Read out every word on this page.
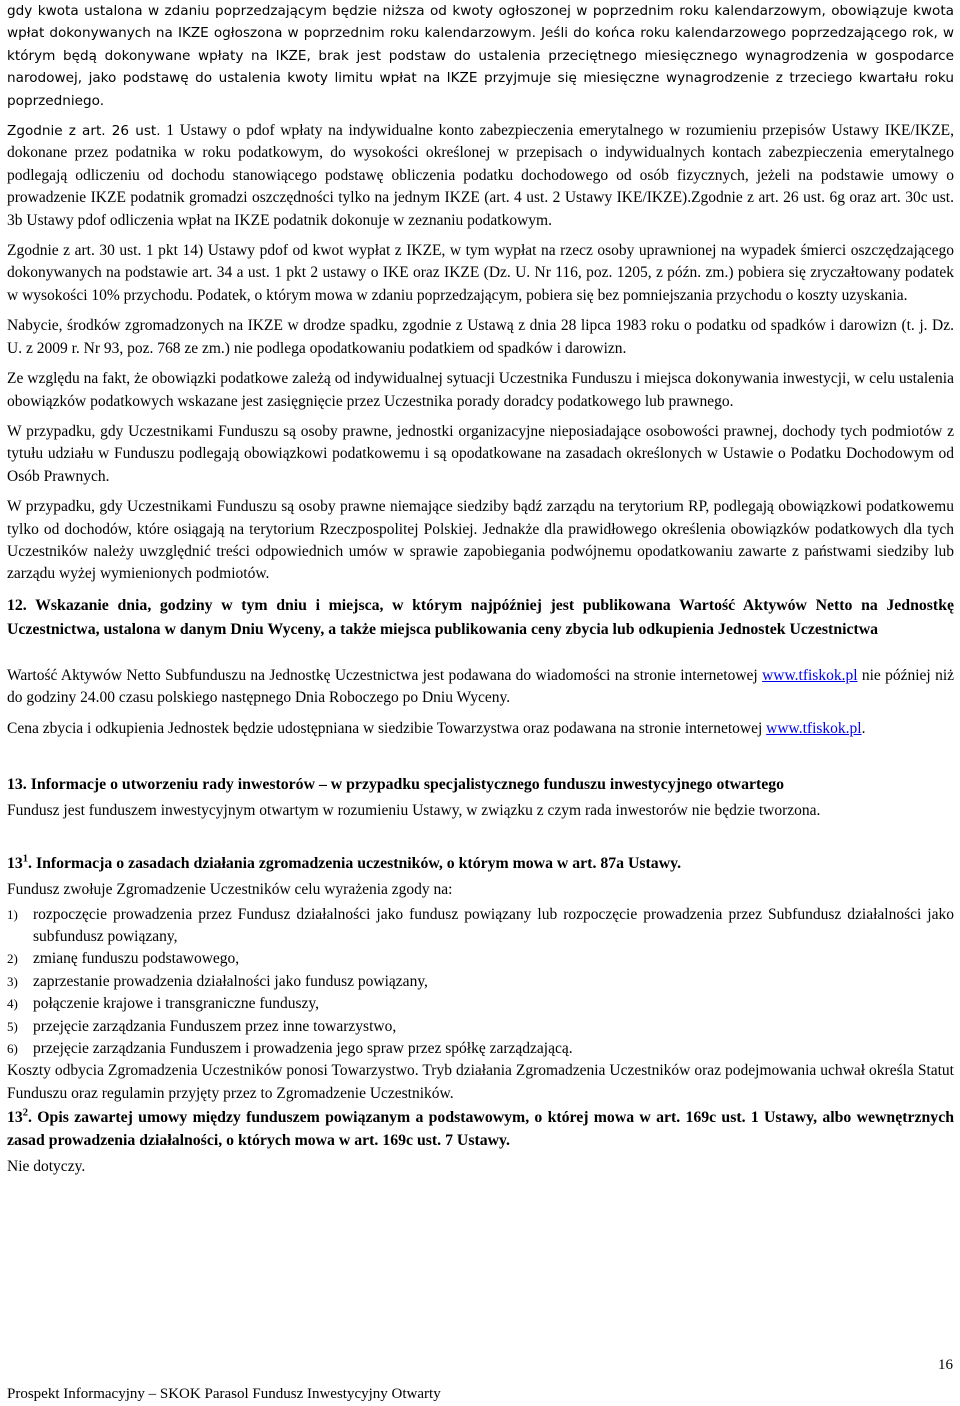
gdy kwota ustalona w zdaniu poprzedzającym będzie niższa od kwoty ogłoszonej w poprzednim roku kalendarzowym, obowiązuje kwota wpłat dokonywanych na IKZE ogłoszona w poprzednim roku kalendarzowym. Jeśli do końca roku kalendarzowego poprzedzającego rok, w którym będą dokonywane wpłaty na IKZE, brak jest podstaw do ustalenia przeciętnego miesięcznego wynagrodzenia w gospodarce narodowej, jako podstawę do ustalenia kwoty limitu wpłat na IKZE przyjmuje się miesięczne wynagrodzenie z trzeciego kwartału roku poprzedniego.

Zgodnie z art. 26 ust. 1 Ustawy o pdof wpłaty na indywidualne konto zabezpieczenia emerytalnego w rozumieniu przepisów Ustawy IKE/IKZE, dokonane przez podatnika w roku podatkowym, do wysokości określonej w przepisach o indywidualnych kontach zabezpieczenia emerytalnego podlegają odliczeniu od dochodu stanowiącego podstawę obliczenia podatku dochodowego od osób fizycznych, jeżeli na podstawie umowy o prowadzenie IKZE podatnik gromadzi oszczędności tylko na jednym IKZE (art. 4 ust. 2 Ustawy IKE/IKZE).Zgodnie z art. 26 ust. 6g oraz art. 30c ust. 3b Ustawy pdof odliczenia wpłat na IKZE podatnik dokonuje w zeznaniu podatkowym.

Zgodnie z art. 30 ust. 1 pkt 14) Ustawy pdof od kwot wypłat z IKZE, w tym wypłat na rzecz osoby uprawnionej na wypadek śmierci oszczędzającego dokonywanych na podstawie art. 34 a ust. 1 pkt 2 ustawy o IKE oraz IKZE (Dz. U. Nr 116, poz. 1205, z późn. zm.) pobiera się zryczałtowany podatek w wysokości 10% przychodu. Podatek, o którym mowa w zdaniu poprzedzającym, pobiera się bez pomniejszania przychodu o koszty uzyskania.

Nabycie, środków zgromadzonych na IKZE w drodze spadku, zgodnie z Ustawą z dnia 28 lipca 1983 roku o podatku od spadków i darowizn (t. j. Dz. U. z 2009 r. Nr 93, poz. 768 ze zm.) nie podlega opodatkowaniu podatkiem od spadków i darowizn.

Ze względu na fakt, że obowiązki podatkowe zależą od indywidualnej sytuacji Uczestnika Funduszu i miejsca dokonywania inwestycji, w celu ustalenia obowiązków podatkowych wskazane jest zasięgnięcie przez Uczestnika porady doradcy podatkowego lub prawnego.

W przypadku, gdy Uczestnikami Funduszu są osoby prawne, jednostki organizacyjne nieposiadające osobowości prawnej, dochody tych podmiotów z tytułu udziału w Funduszu podlegają obowiązkowi podatkowemu i są opodatkowane na zasadach określonych w Ustawie o Podatku Dochodowym od Osób Prawnych.

W przypadku, gdy Uczestnikami Funduszu są osoby prawne niemające siedziby bądź zarządu na terytorium RP, podlegają obowiązkowi podatkowemu tylko od dochodów, które osiągają na terytorium Rzeczpospolitej Polskiej. Jednakże dla prawidłowego określenia obowiązków podatkowych dla tych Uczestników należy uwzględnić treści odpowiednich umów w sprawie zapobiegania podwójnemu opodatkowaniu zawarte z państwami siedziby lub zarządu wyżej wymienionych podmiotów.

12. Wskazanie dnia, godziny w tym dniu i miejsca, w którym najpóźniej jest publikowana Wartość Aktywów Netto na Jednostkę Uczestnictwa, ustalona w danym Dniu Wyceny, a także miejsca publikowania ceny zbycia lub odkupienia Jednostek Uczestnictwa

Wartość Aktywów Netto Subfunduszu na Jednostkę Uczestnictwa jest podawana do wiadomości na stronie internetowej www.tfiskok.pl nie później niż do godziny 24.00 czasu polskiego następnego Dnia Roboczego po Dniu Wyceny.

Cena zbycia i odkupienia Jednostek będzie udostępniana w siedzibie Towarzystwa oraz podawana na stronie internetowej www.tfiskok.pl.

13. Informacje o utworzeniu rady inwestorów – w przypadku specjalistycznego funduszu inwestycyjnego otwartego

Fundusz jest funduszem inwestycyjnym otwartym w rozumieniu Ustawy, w związku z czym rada inwestorów nie będzie tworzona.

$13^1$. Informacja o zasadach działania zgromadzenia uczestników, o którym mowa w art. 87a Ustawy.

Fundusz zwołuje Zgromadzenie Uczestników celu wyrażenia zgody na:

1) rozpoczęcie prowadzenia przez Fundusz działalności jako fundusz powiązany lub rozpoczęcie prowadzenia przez Subfundusz działalności jako subfundusz powiązany,
2) zmianę funduszu podstawowego,
3) zaprzestanie prowadzenia działalności jako fundusz powiązany,
4) połączenie krajowe i transgraniczne funduszy,
5) przejęcie zarządzania Funduszem przez inne towarzystwo,
6) przejęcie zarządzania Funduszem i prowadzenia jego spraw przez spółkę zarządzającą.

Koszty odbycia Zgromadzenia Uczestników ponosi Towarzystwo. Tryb działania Zgromadzenia Uczestników oraz podejmowania uchwał określa Statut Funduszu oraz regulamin przyjęty przez to Zgromadzenie Uczestników.

$13^2$. Opis zawartej umowy między funduszem powiązanym a podstawowym, o której mowa w art. 169c ust. 1 Ustawy, albo wewnętrznych zasad prowadzenia działalności, o których mowa w art. 169c ust. 7 Ustawy.

Nie dotyczy.

16
Prospekt Informacyjny – SKOK Parasol Fundusz Inwestycyjny Otwarty
